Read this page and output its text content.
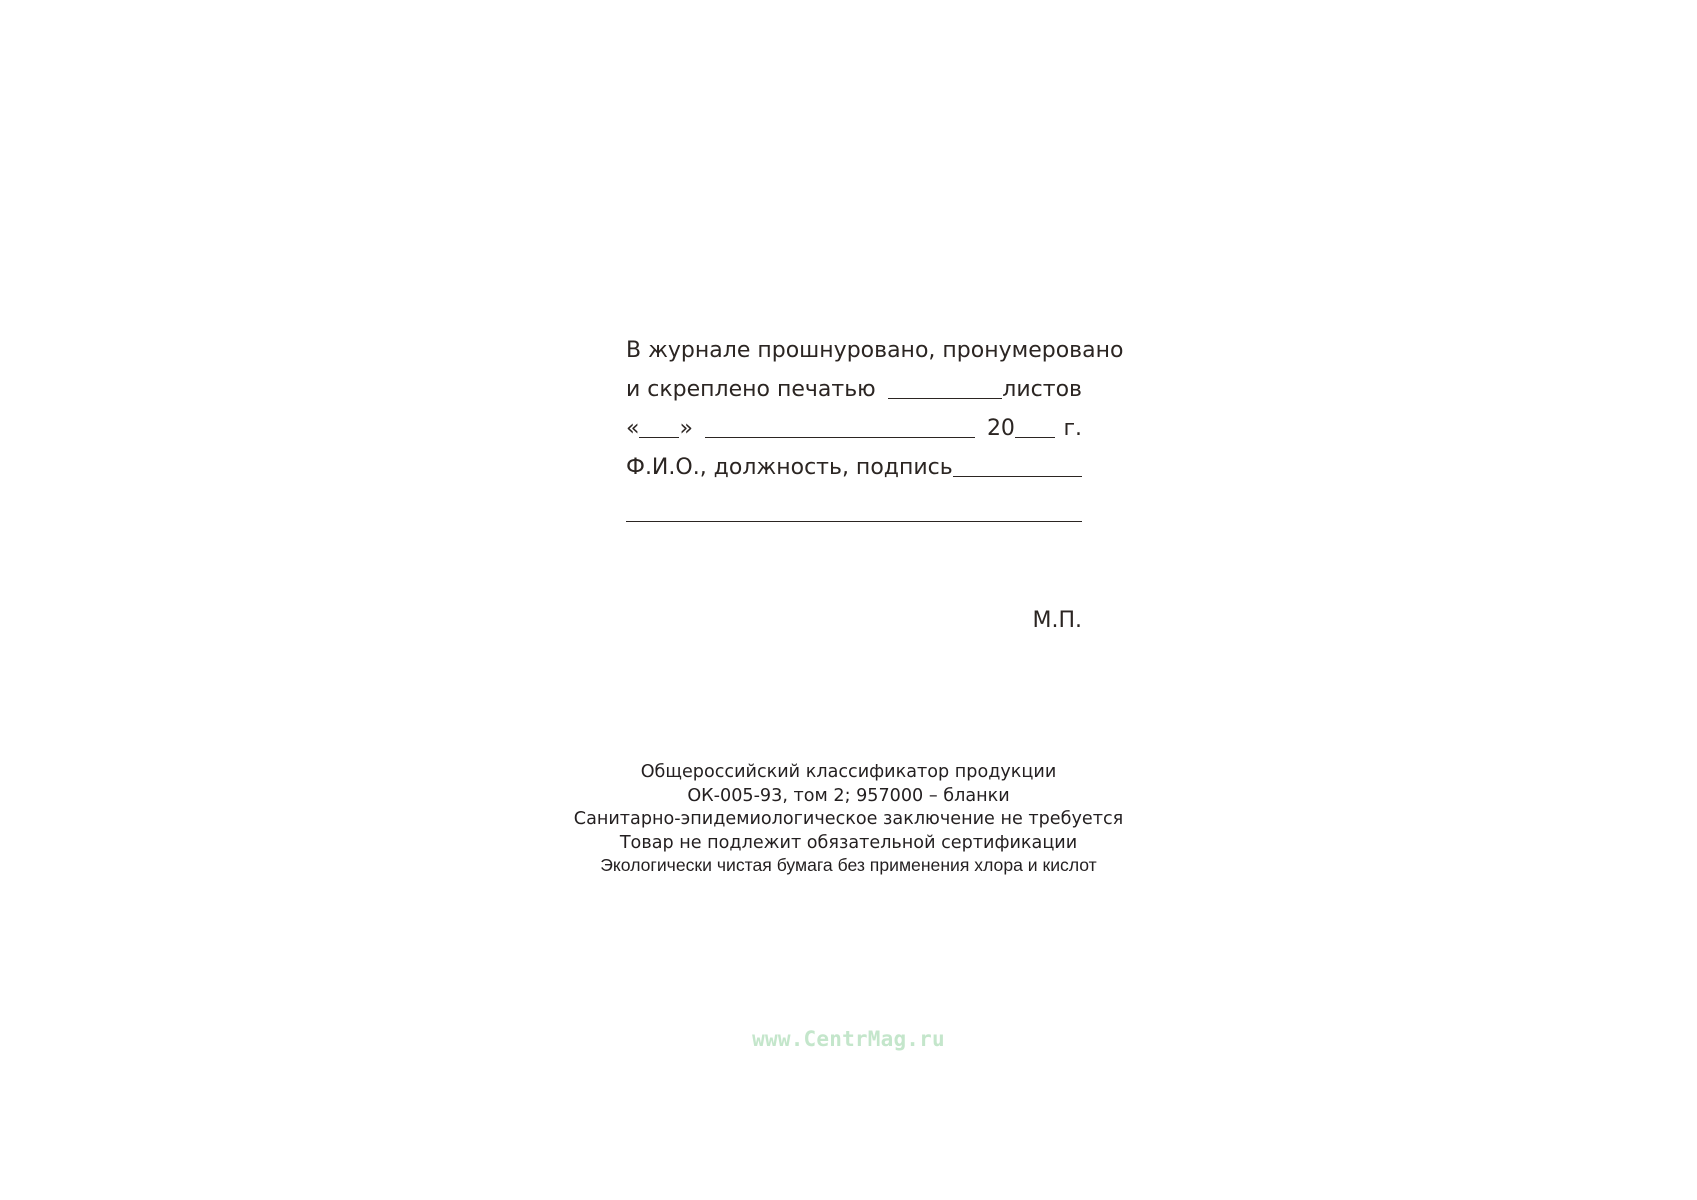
В журнале прошнуровано, пронумеровано
и скреплено печатью	листов
« »	20 г.
Ф.И.О., должность, подпись
М.П.
Общероссийский классификатор продукции
ОК-005-93, том 2; 957000 – бланки
Санитарно-эпидемиологическое заключение не требуется
Товар не подлежит обязательной сертификации
Экологически чистая бумага без применения хлора и кислот
www.CentrMag.ru
